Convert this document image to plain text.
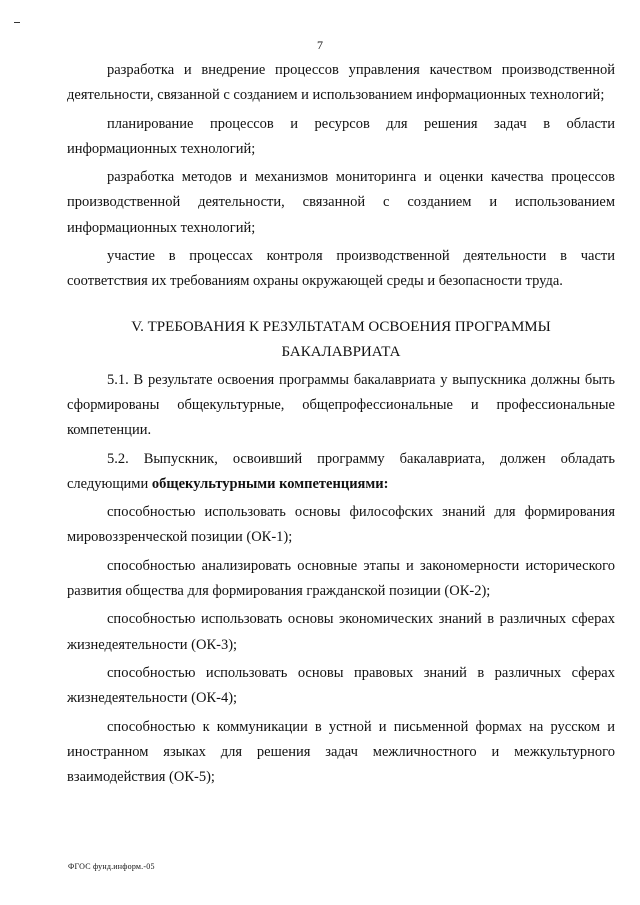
7

разработка и внедрение процессов управления качеством производственной деятельности, связанной с созданием и использованием информационных технологий;

планирование процессов и ресурсов для решения задач в области информационных технологий;

разработка методов и механизмов мониторинга и оценки качества процессов производственной деятельности, связанной с созданием и использованием информационных технологий;

участие в процессах контроля производственной деятельности в части соответствия их требованиям охраны окружающей среды и безопасности труда.

V. ТРЕБОВАНИЯ К РЕЗУЛЬТАТАМ ОСВОЕНИЯ ПРОГРАММЫ
БАКАЛАВРИАТА

5.1. В результате освоения программы бакалавриата у выпускника должны быть сформированы общекультурные, общепрофессиональные и профессиональные компетенции.

5.2. Выпускник, освоивший программу бакалавриата, должен обладать следующими общекультурными компетенциями:

способностью использовать основы философских знаний для формирования мировоззренческой позиции (ОК-1);

способностью анализировать основные этапы и закономерности исторического развития общества для формирования гражданской позиции (ОК-2);

способностью использовать основы экономических знаний в различных сферах жизнедеятельности (ОК-3);

способностью использовать основы правовых знаний в различных сферах жизнедеятельности (ОК-4);

способностью к коммуникации в устной и письменной формах на русском и иностранном языках для решения задач межличностного и межкультурного взаимодействия (ОК-5);

ФГОС фунд.информ.-05
